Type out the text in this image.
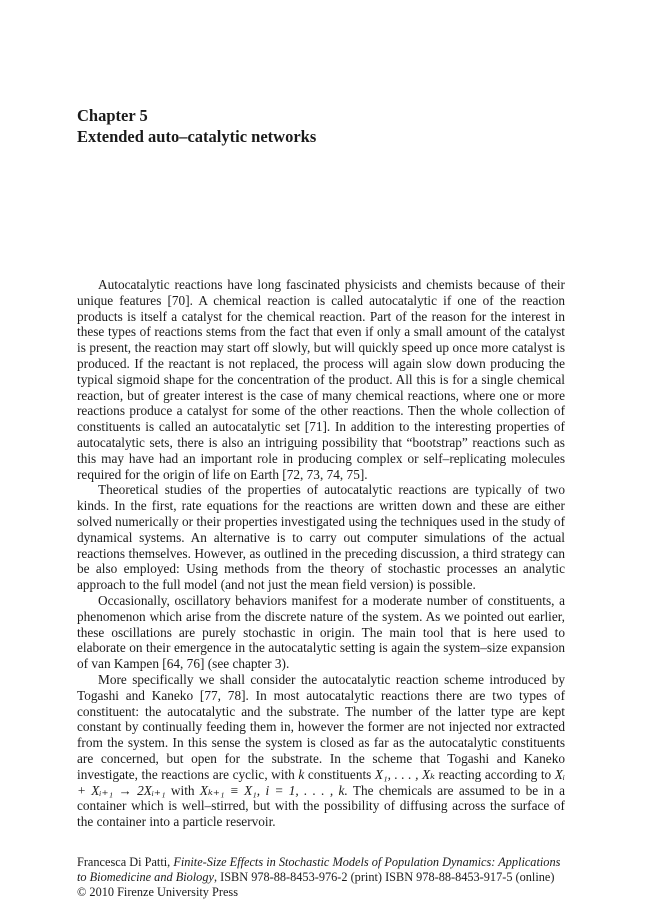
Chapter 5
Extended auto–catalytic networks

Autocatalytic reactions have long fascinated physicists and chemists because of their unique features [70]. A chemical reaction is called autocatalytic if one of the reaction products is itself a catalyst for the chemical reaction. Part of the reason for the interest in these types of reactions stems from the fact that even if only a small amount of the catalyst is present, the reaction may start off slowly, but will quickly speed up once more catalyst is produced. If the reactant is not replaced, the process will again slow down producing the typical sigmoid shape for the concentration of the product. All this is for a single chemical reaction, but of greater interest is the case of many chemical reactions, where one or more reactions produce a catalyst for some of the other reactions. Then the whole collection of constituents is called an autocatalytic set [71]. In addition to the interesting properties of autocatalytic sets, there is also an intriguing possibility that “bootstrap” reactions such as this may have had an important role in producing complex or self–replicating molecules required for the origin of life on Earth [72, 73, 74, 75].

Theoretical studies of the properties of autocatalytic reactions are typically of two kinds. In the first, rate equations for the reactions are written down and these are either solved numerically or their properties investigated using the techniques used in the study of dynamical systems. An alternative is to carry out computer simulations of the actual reactions themselves. However, as outlined in the preceding discussion, a third strategy can be also employed: Using methods from the theory of stochastic processes an analytic approach to the full model (and not just the mean field version) is possible.

Occasionally, oscillatory behaviors manifest for a moderate number of constituents, a phenomenon which arise from the discrete nature of the system. As we pointed out earlier, these oscillations are purely stochastic in origin. The main tool that is here used to elaborate on their emergence in the autocatalytic setting is again the system–size expansion of van Kampen [64, 76] (see chapter 3).

More specifically we shall consider the autocatalytic reaction scheme introduced by Togashi and Kaneko [77, 78]. In most autocatalytic reactions there are two types of constituent: the autocatalytic and the substrate. The number of the latter type are kept constant by continually feeding them in, however the former are not injected nor extracted from the system. In this sense the system is closed as far as the autocatalytic constituents are concerned, but open for the substrate. In the scheme that Togashi and Kaneko investigate, the reactions are cyclic, with k constituents X₁, . . . , Xₖ reacting according to Xᵢ + Xᵢ₊₁ → 2Xᵢ₊₁ with Xₖ₊₁ ≡ X₁, i = 1, . . . , k. The chemicals are assumed to be in a container which is well–stirred, but with the possibility of diffusing across the surface of the container into a particle reservoir.

Francesca Di Patti, Finite-Size Effects in Stochastic Models of Population Dynamics: Applications to Biomedicine and Biology, ISBN 978-88-8453-976-2 (print) ISBN 978-88-8453-917-5 (online)
© 2010 Firenze University Press
